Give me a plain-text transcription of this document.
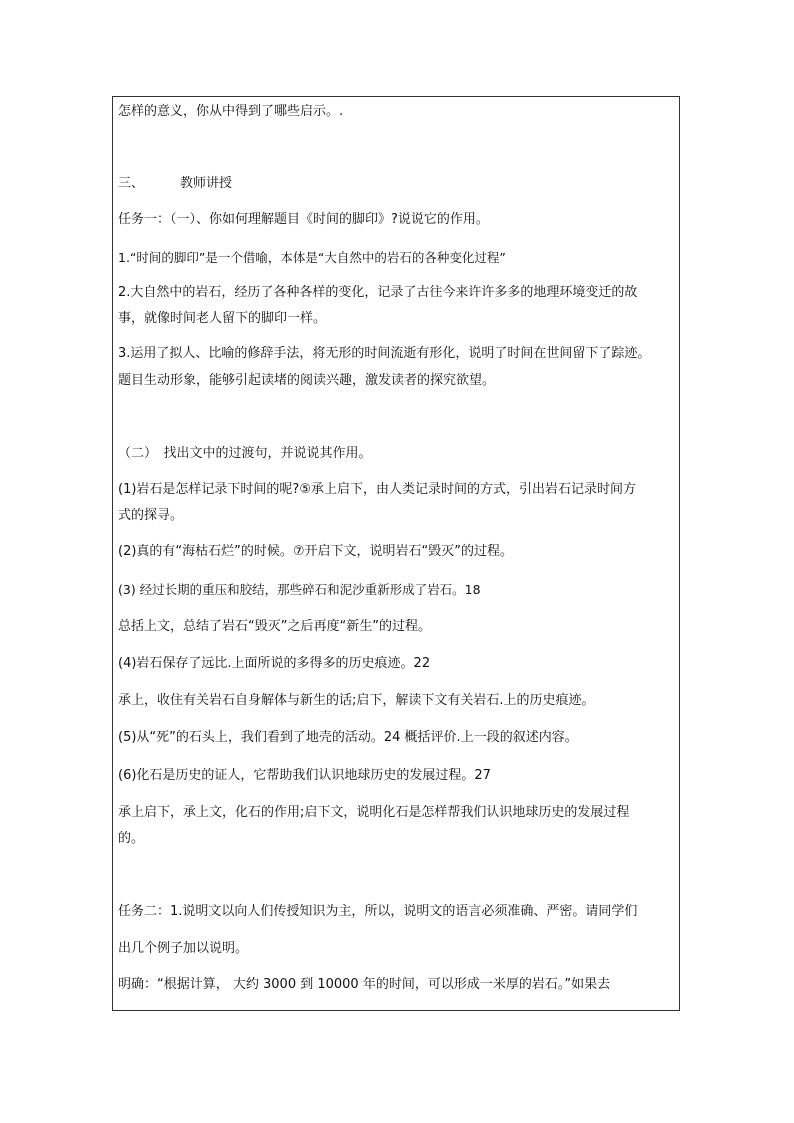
怎样的意义，你从中得到了哪些启示。.
三、	教师讲授
任务一：（一）、你如何理解题目《时间的脚印》?说说它的作用。
1.“时间的脚印”是一个借喻，本体是“大自然中的岩石的各种变化过程”
2.大自然中的岩石，经历了各种各样的变化，记录了古往今来许许多多的地理环境变迁的故
事，就像时间老人留下的脚印一样。
3.运用了拟人、比喻的修辞手法，将无形的时间流逝有形化，说明了时间在世间留下了踪迹。
题目生动形象，能够引起读堵的阅读兴趣，激发读者的探究欲望。
（二）　找出文中的过渡句，并说说其作用。
(1)岩石是怎样记录下时间的呢?⑤承上启下，由人类记录时间的方式，引出岩石记录时间方
式的探寻。
(2)真的有“海枯石烂”的时候。⑦开启下文，说明岩石“毁灭”的过程。
(3) 经过长期的重压和胶结，那些碎石和泥沙重新形成了岩石。18
总括上文，总结了岩石“毁灭”之后再度“新生”的过程。
(4)岩石保存了远比.上面所说的多得多的历史痕迹。22
承上，收住有关岩石自身解体与新生的话;启下，解读下文有关岩石.上的历史痕迹。
(5)从“死”的石头上，我们看到了地壳的活动。24 概括评价.上一段的叙述内容。
(6)化石是历史的证人，它帮助我们认识地球历史的发展过程。27
承上启下，承上文，化石的作用;启下文，说明化石是怎样帮我们认识地球历史的发展过程
的。
任务二：1.说明文以向人们传授知识为主，所以，说明文的语言必须准确、严密。请同学们
出几个例子加以说明。
明确：“根据计算， 大约 3000 到 10000 年的时间，可以形成一米厚的岩石。”如果去
